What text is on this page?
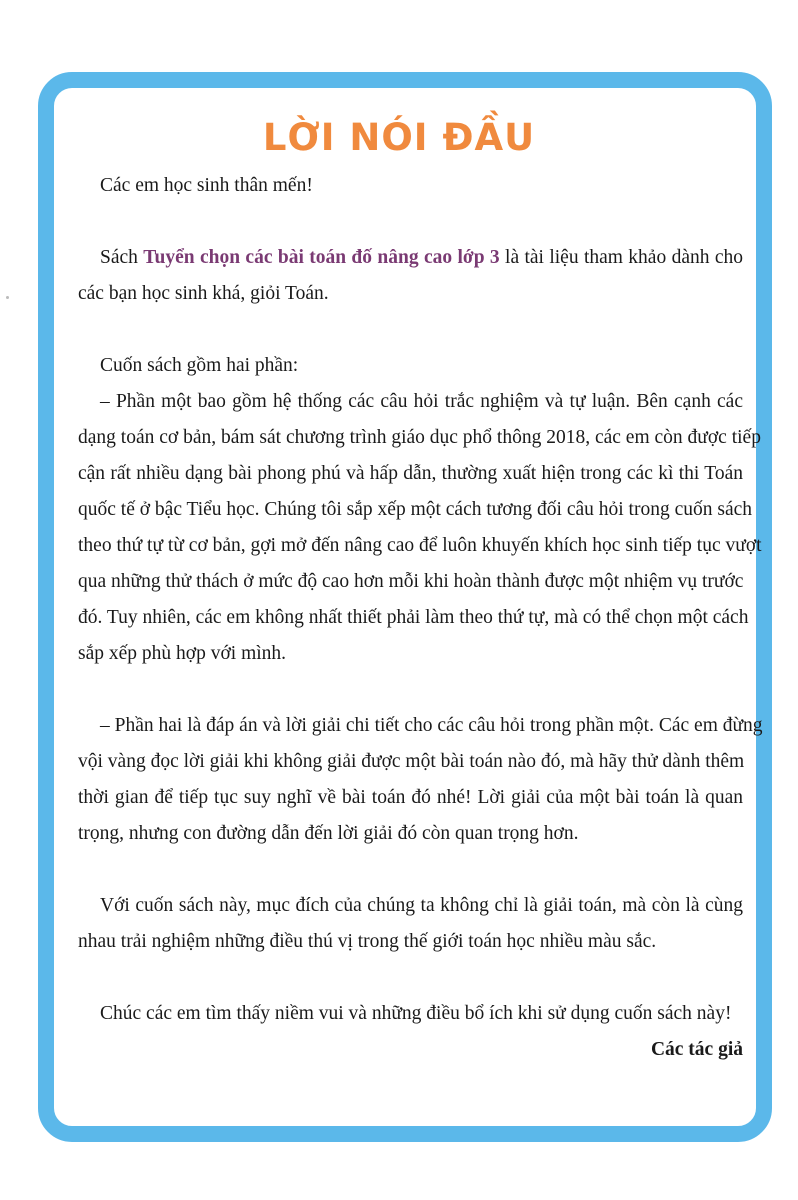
LỜI NÓI ĐẦU
Các em học sinh thân mến!
Sách Tuyển chọn các bài toán đố nâng cao lớp 3 là tài liệu tham khảo dành cho
các bạn học sinh khá, giỏi Toán.
Cuốn sách gồm hai phần:
– Phần một bao gồm hệ thống các câu hỏi trắc nghiệm và tự luận. Bên cạnh các
dạng toán cơ bản, bám sát chương trình giáo dục phổ thông 2018, các em còn được tiếp
cận rất nhiều dạng bài phong phú và hấp dẫn, thường xuất hiện trong các kì thi Toán
quốc tế ở bậc Tiểu học. Chúng tôi sắp xếp một cách tương đối câu hỏi trong cuốn sách
theo thứ tự từ cơ bản, gợi mở đến nâng cao để luôn khuyến khích học sinh tiếp tục vượt
qua những thử thách ở mức độ cao hơn mỗi khi hoàn thành được một nhiệm vụ trước
đó. Tuy nhiên, các em không nhất thiết phải làm theo thứ tự, mà có thể chọn một cách
sắp xếp phù hợp với mình.
– Phần hai là đáp án và lời giải chi tiết cho các câu hỏi trong phần một. Các em đừng
vội vàng đọc lời giải khi không giải được một bài toán nào đó, mà hãy thử dành thêm
thời gian để tiếp tục suy nghĩ về bài toán đó nhé! Lời giải của một bài toán là quan
trọng, nhưng con đường dẫn đến lời giải đó còn quan trọng hơn.
Với cuốn sách này, mục đích của chúng ta không chỉ là giải toán, mà còn là cùng
nhau trải nghiệm những điều thú vị trong thế giới toán học nhiều màu sắc.
Chúc các em tìm thấy niềm vui và những điều bổ ích khi sử dụng cuốn sách này!
Các tác giả
